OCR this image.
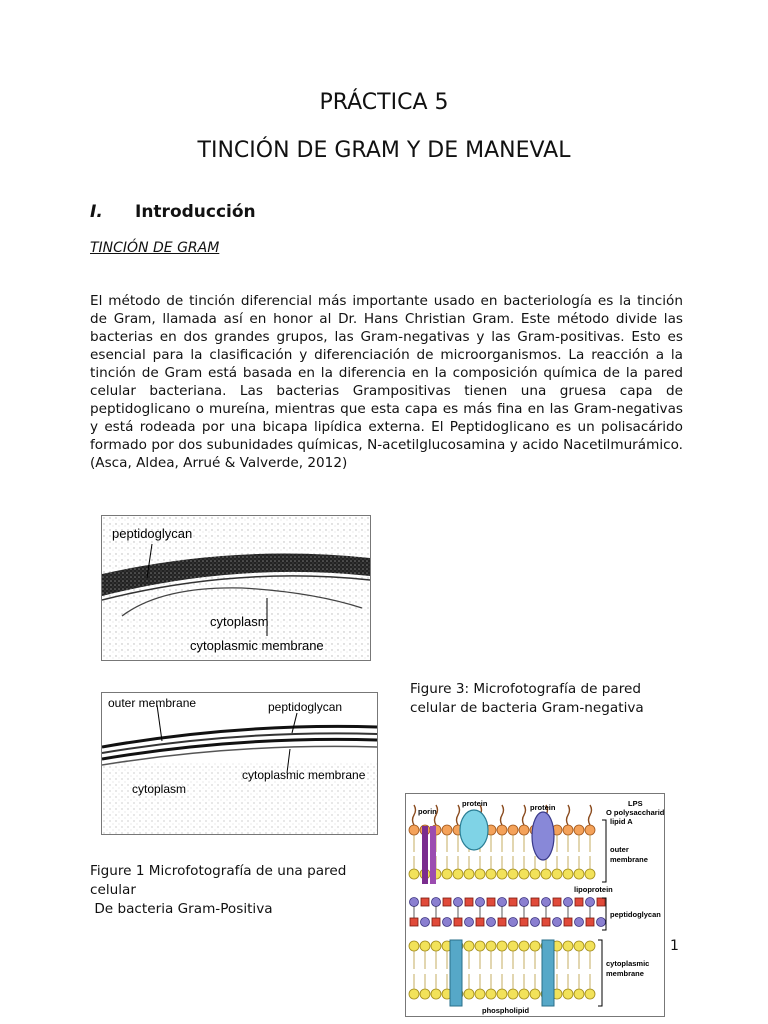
PRÁCTICA 5
TINCIÓN DE GRAM Y DE MANEVAL
I. Introducción
TINCIÓN DE GRAM
El método de tinción diferencial más importante usado en bacteriología es la tinción de Gram, llamada así en honor al Dr. Hans Christian Gram. Este método divide las bacterias en dos grandes grupos, las Gram-negativas y las Gram-positivas. Esto es esencial para la clasificación y diferenciación de microorganismos. La reacción a la tinción de Gram está basada en la diferencia en la composición química de la pared celular bacteriana. Las bacterias Grampositivas tienen una gruesa capa de peptidoglicano o mureína, mientras que esta capa es más fina en las Gram-negativas y está rodeada por una bicapa lipídica externa. El Peptidoglicano es un polisacárido formado por dos subunidades químicas, N-acetilglucosamina y acido Nacetilmurámico. (Asca, Aldea, Arrué & Valverde, 2012)
peptidoglycan
cytoplasm
cytoplasmic membrane
outer membrane	peptidoglycan
cytoplasm
cytoplasmic membrane
Figure 3: Microfotografía de pared
celular de bacteria Gram-negativa
Figure 1 Microfotografía de una pared
celular
De bacteria Gram-Positiva
porin
protein	protein	LPS
O polysaccharide
lipid A
outer
membrane
lipoprotein
peptidoglycan
cytoplasmic
membrane
phospholipid
1
